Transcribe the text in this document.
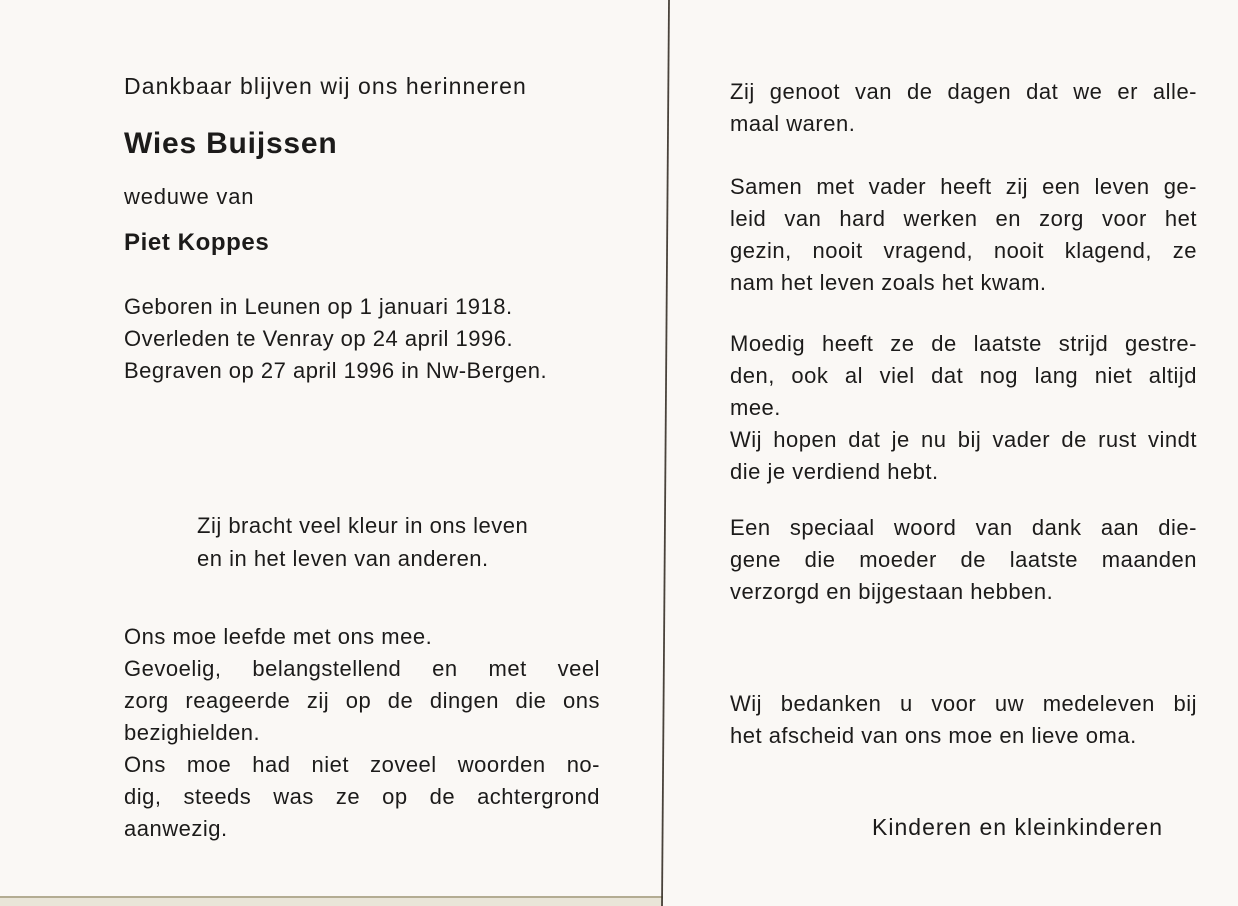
Dankbaar blijven wij ons herinneren
Wies Buijssen
weduwe van
Piet Koppes
Geboren in Leunen op 1 januari 1918.
Overleden te Venray op 24 april 1996.
Begraven op 27 april 1996 in Nw-Bergen.
Zij bracht veel kleur in ons leven
en in het leven van anderen.
Ons moe leefde met ons mee.
Gevoelig, belangstellend en met veel
zorg reageerde zij op de dingen die ons
bezighielden.
Ons moe had niet zoveel woorden no-
dig, steeds was ze op de achtergrond
aanwezig.
Zij genoot van de dagen dat we er alle-
maal waren.
Samen met vader heeft zij een leven ge-
leid van hard werken en zorg voor het
gezin, nooit vragend, nooit klagend, ze
nam het leven zoals het kwam.
Moedig heeft ze de laatste strijd gestre-
den, ook al viel dat nog lang niet altijd
mee.
Wij hopen dat je nu bij vader de rust vindt
die je verdiend hebt.
Een speciaal woord van dank aan die-
gene die moeder de laatste maanden
verzorgd en bijgestaan hebben.
Wij bedanken u voor uw medeleven bij
het afscheid van ons moe en lieve oma.
Kinderen en kleinkinderen
